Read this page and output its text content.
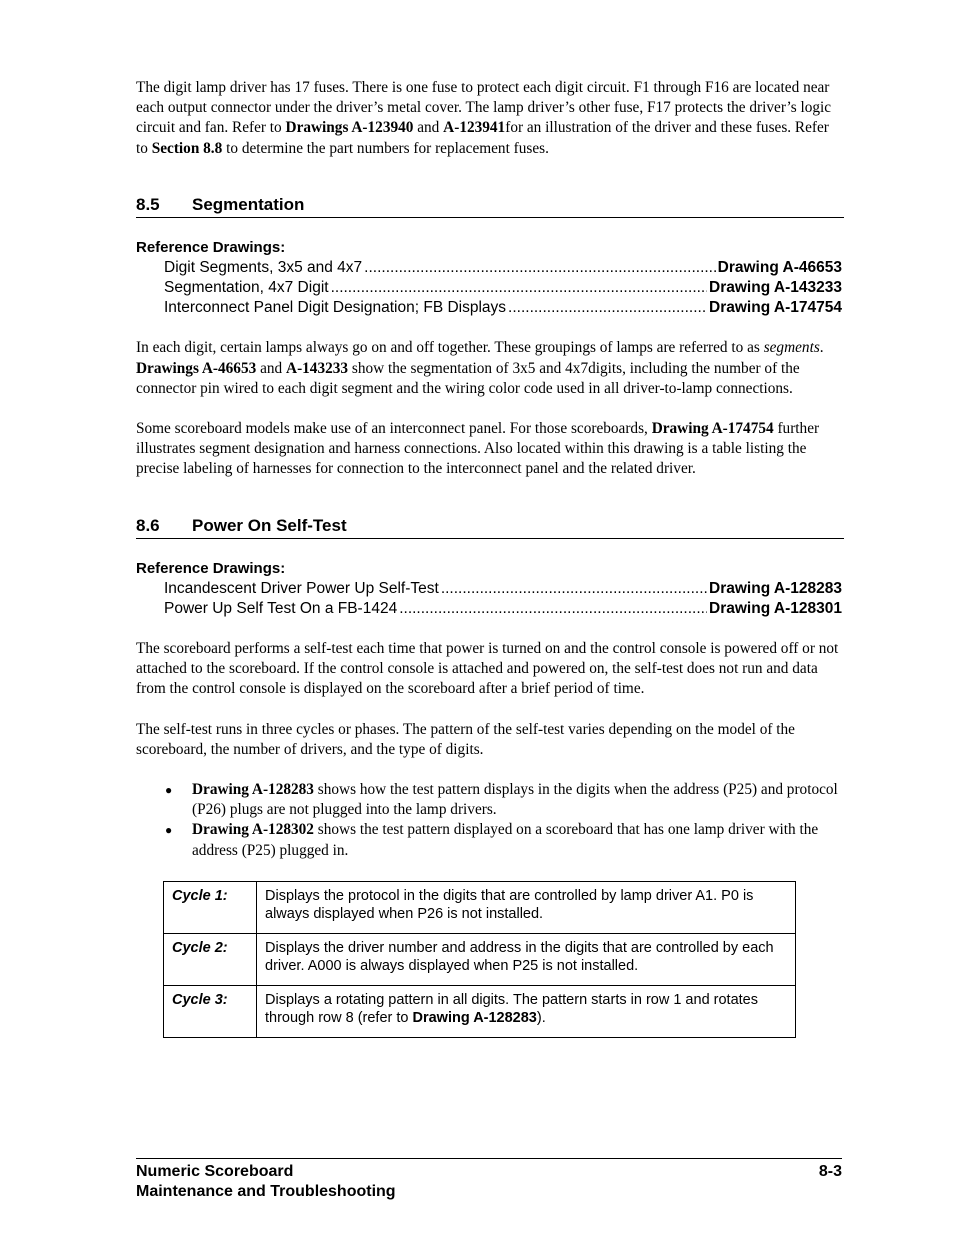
The digit lamp driver has 17 fuses. There is one fuse to protect each digit circuit. F1 through F16 are located near each output connector under the driver’s metal cover. The lamp driver’s other fuse, F17 protects the driver’s logic circuit and fan. Refer to Drawings A-123940 and A-123941for an illustration of the driver and these fuses. Refer to Section 8.8 to determine the part numbers for replacement fuses.

8.5	Segmentation
Reference Drawings:
Digit Segments, 3x5 and 4x7 .....	Drawing A-46653
Segmentation, 4x7 Digit .....	Drawing A-143233
Interconnect Panel Digit Designation; FB Displays .....	Drawing A-174754

In each digit, certain lamps always go on and off together. These groupings of lamps are referred to as segments. Drawings A-46653 and A-143233 show the segmentation of 3x5 and 4x7digits, including the number of the connector pin wired to each digit segment and the wiring color code used in all driver-to-lamp connections.

Some scoreboard models make use of an interconnect panel. For those scoreboards, Drawing A-174754 further illustrates segment designation and harness connections. Also located within this drawing is a table listing the precise labeling of harnesses for connection to the interconnect panel and the related driver.

8.6	Power On Self-Test
Reference Drawings:
Incandescent Driver Power Up Self-Test .....	Drawing A-128283
Power Up Self Test On a FB-1424 .....	Drawing A-128301

The scoreboard performs a self-test each time that power is turned on and the control console is powered off or not attached to the scoreboard. If the control console is attached and powered on, the self-test does not run and data from the control console is displayed on the scoreboard after a brief period of time.

The self-test runs in three cycles or phases. The pattern of the self-test varies depending on the model of the scoreboard, the number of drivers, and the type of digits.

● Drawing A-128283 shows how the test pattern displays in the digits when the address (P25) and protocol (P26) plugs are not plugged into the lamp drivers.
● Drawing A-128302 shows the test pattern displayed on a scoreboard that has one lamp driver with the address (P25) plugged in.
Cycle 1:	Displays the protocol in the digits that are controlled by lamp driver A1. P0 is always displayed when P26 is not installed.
Cycle 2:	Displays the driver number and address in the digits that are controlled by each driver. A000 is always displayed when P25 is not installed.
Cycle 3:	Displays a rotating pattern in all digits. The pattern starts in row 1 and rotates through row 8 (refer to Drawing A-128283).
Numeric Scoreboard
Maintenance and Troubleshooting
8-3
